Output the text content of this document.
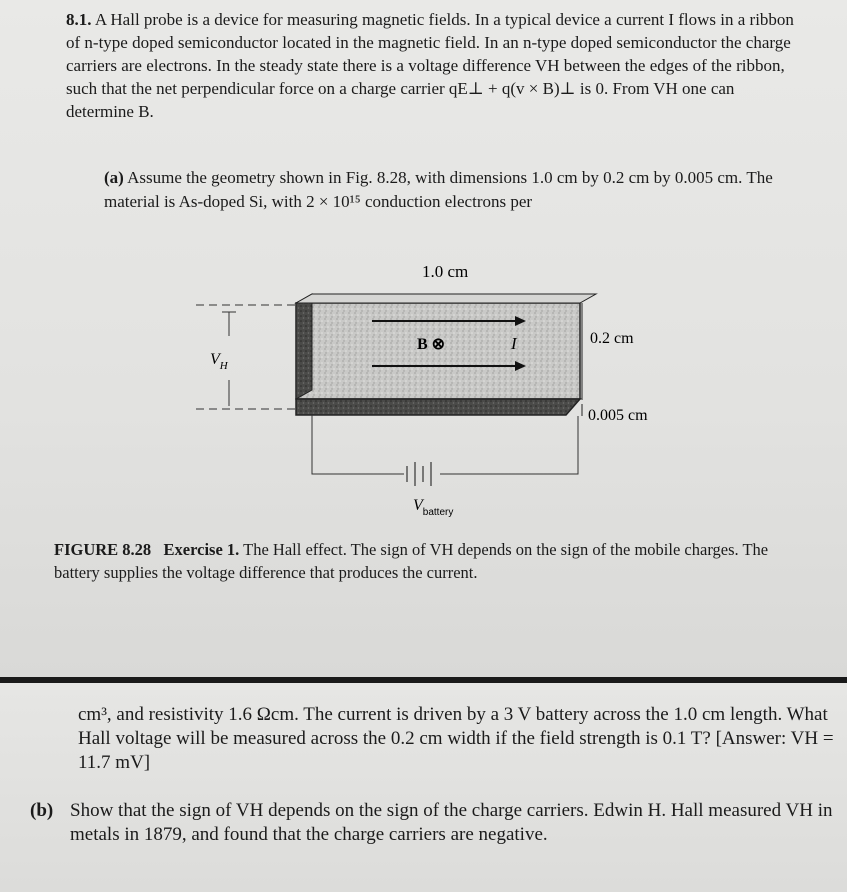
8.1. A Hall probe is a device for measuring magnetic fields. In a typical device a current I flows in a ribbon of n-type doped semiconductor located in the magnetic field. In an n-type doped semiconductor the charge carriers are electrons. In the steady state there is a voltage difference VH between the edges of the ribbon, such that the net perpendicular force on a charge carrier qE⊥ + q(v × B)⊥ is 0. From VH one can determine B.

(a) Assume the geometry shown in Fig. 8.28, with dimensions 1.0 cm by 0.2 cm by 0.005 cm. The material is As-doped Si, with 2 × 10¹⁵ conduction electrons per
B ⊗	I
1.0 cm
0.2 cm
0.005 cm
$V_H$
$V_{battery}$
FIGURE 8.28 Exercise 1. The Hall effect. The sign of VH depends on the sign of the mobile charges. The battery supplies the voltage difference that produces the current.
cm³, and resistivity 1.6 Ωcm. The current is driven by a 3 V battery across the 1.0 cm length. What Hall voltage will be measured across the 0.2 cm width if the field strength is 0.1 T? [Answer: VH = 11.7 mV]
(b) Show that the sign of VH depends on the sign of the charge carriers. Edwin H. Hall measured VH in metals in 1879, and found that the charge carriers are negative.
